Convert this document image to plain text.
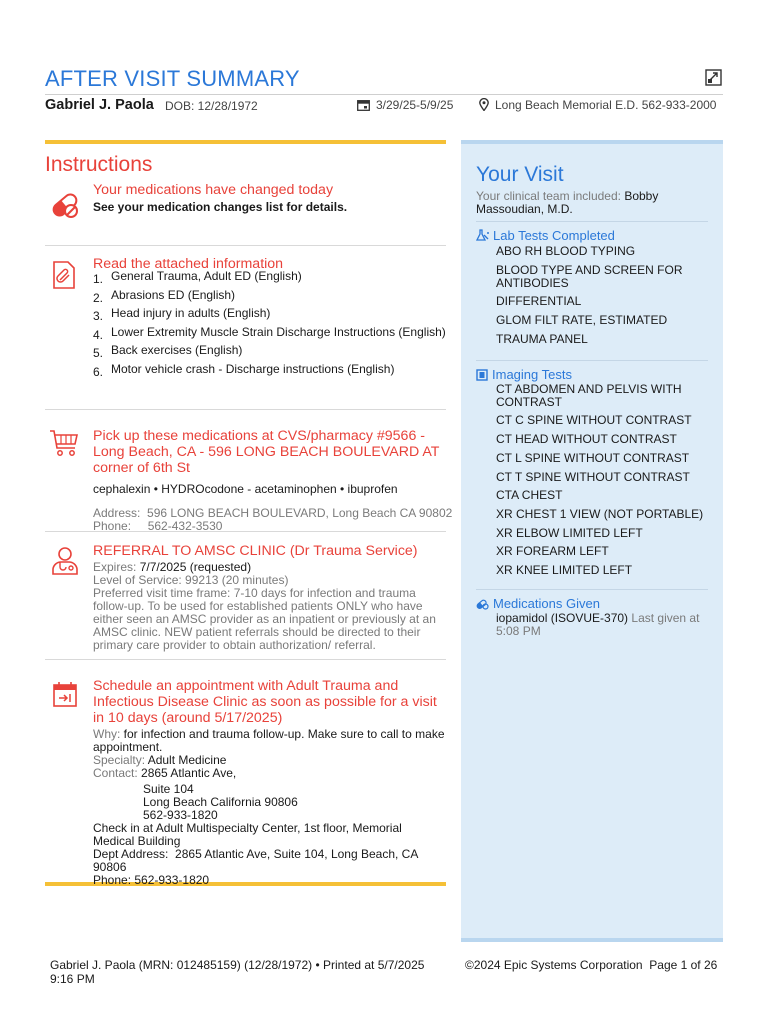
AFTER VISIT SUMMARY
Gabriel J. Paola DOB: 12/28/1972	3/29/25-5/9/25	Long Beach Memorial E.D. 562-933-2000
Instructions
Your medications have changed today
See your medication changes list for details.
Read the attached information
1. General Trauma, Adult ED (English)
2. Abrasions ED (English)
3. Head injury in adults (English)
4. Lower Extremity Muscle Strain Discharge Instructions (English)
5. Back exercises (English)
6. Motor vehicle crash - Discharge instructions (English)
Pick up these medications at CVS/pharmacy #9566 - Long Beach, CA - 596 LONG BEACH BOULEVARD AT corner of 6th St
cephalexin • HYDROcodone - acetaminophen • ibuprofen
Address:  596 LONG BEACH BOULEVARD, Long Beach CA 90802
Phone:     562-432-3530
REFERRAL TO AMSC CLINIC (Dr Trauma Service)
Expires: 7/7/2025 (requested)
Level of Service: 99213 (20 minutes)
Preferred visit time frame: 7-10 days for infection and trauma follow-up. To be used for established patients ONLY who have either seen an AMSC provider as an inpatient or previously at an AMSC clinic. NEW patient referrals should be directed to their primary care provider to obtain authorization/ referral.
Schedule an appointment with Adult Trauma and Infectious Disease Clinic as soon as possible for a visit in 10 days (around 5/17/2025)
Why: for infection and trauma follow-up. Make sure to call to make appointment.
Specialty: Adult Medicine
Contact: 2865 Atlantic Ave,
Suite 104
Long Beach California 90806
562-933-1820
Check in at Adult Multispecialty Center, 1st floor, Memorial Medical Building
Dept Address:  2865 Atlantic Ave, Suite 104, Long Beach, CA 90806
Phone: 562-933-1820
Your Visit
Your clinical team included: Bobby Massoudian, M.D.
Lab Tests Completed
ABO RH BLOOD TYPING
BLOOD TYPE AND SCREEN FOR ANTIBODIES
DIFFERENTIAL
GLOM FILT RATE, ESTIMATED
TRAUMA PANEL
Imaging Tests
CT ABDOMEN AND PELVIS WITH CONTRAST
CT C SPINE WITHOUT CONTRAST
CT HEAD WITHOUT CONTRAST
CT L SPINE WITHOUT CONTRAST
CT T SPINE WITHOUT CONTRAST
CTA CHEST
XR CHEST 1 VIEW (NOT PORTABLE)
XR ELBOW LIMITED LEFT
XR FOREARM LEFT
XR KNEE LIMITED LEFT
Medications Given
iopamidol (ISOVUE-370) Last given at 5:08 PM
Gabriel J. Paola (MRN: 012485159) (12/28/1972) • Printed at 5/7/2025 9:16 PM
©2024 Epic Systems Corporation  Page 1 of 26
